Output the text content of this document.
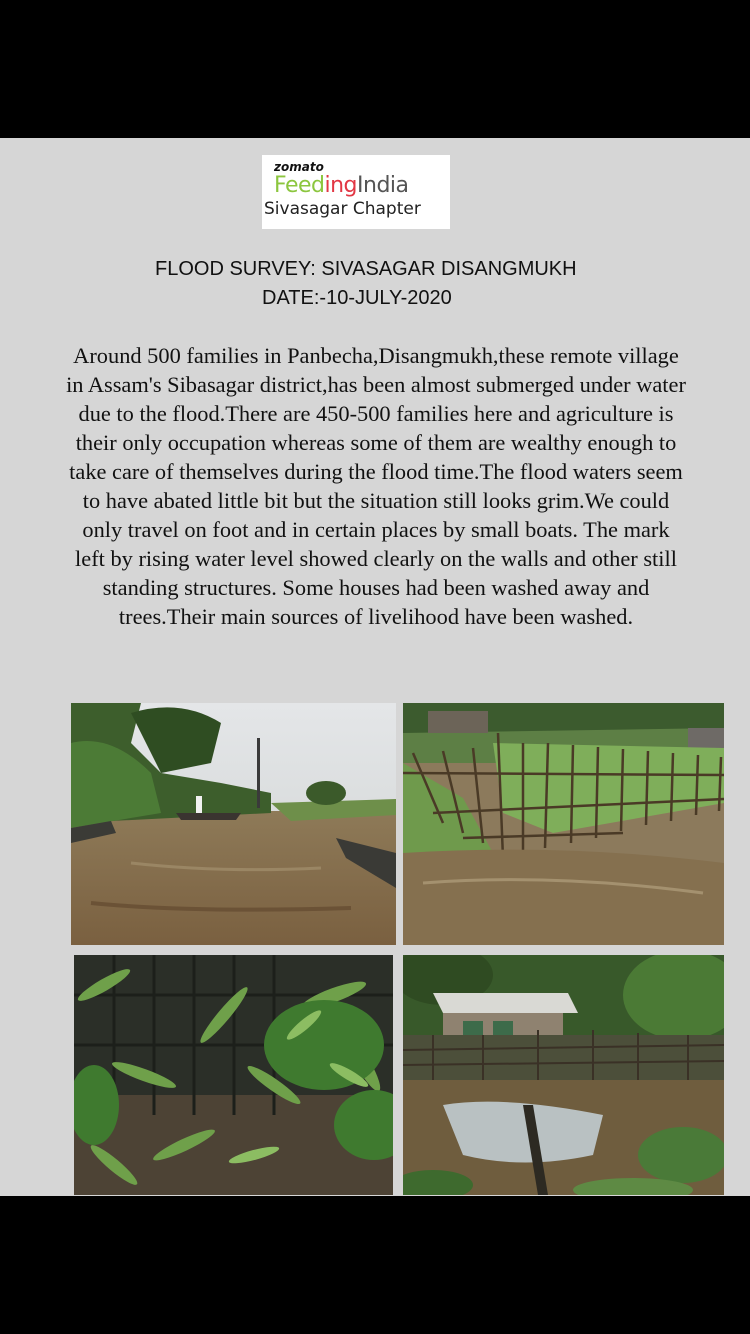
zomato
FeedingIndia
Sivasagar Chapter
FLOOD SURVEY: SIVASAGAR DISANGMUKH
DATE:-10-JULY-2020
Around 500 families in Panbecha,Disangmukh,these remote village in Assam's Sibasagar district,has been almost submerged under water due to the flood.There are 450-500 families here and agriculture is their only occupation whereas some of them are wealthy enough to take care of themselves during the flood time.The flood waters seem to have abated little bit but the situation still looks grim.We could only travel on foot and in certain places by small boats. The mark left by rising water level showed clearly on the walls and other still standing structures. Some houses had been washed away and trees.Their main sources of livelihood have been washed.
